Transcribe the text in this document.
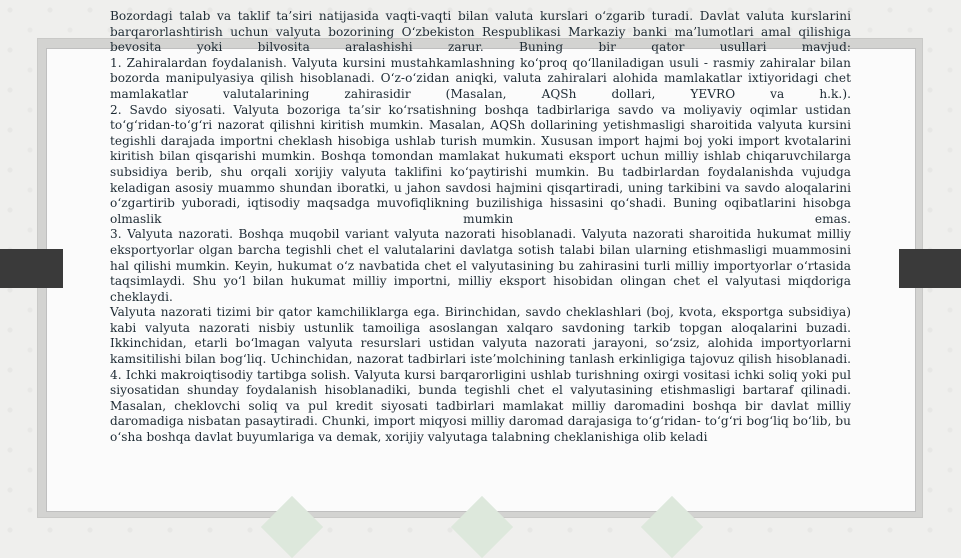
Bozordagi talab va taklif ta’siri natijasida vaqti-vaqti bilan valuta kurslari o‘zgarib turadi. Davlat valuta kurslarini barqarorlashtirish uchun valyuta bozorining O‘zbekiston Respublikasi Markaziy banki ma’lumotlari amal qilishiga bevosita yoki bilvosita aralashishi zarur. Buning bir qator usullari mavjud:

1. Zahiralardan foydalanish. Valyuta kursini mustahkamlashning ko‘proq qo‘llaniladigan usuli - rasmiy zahiralar bilan bozorda manipulyasiya qilish hisoblanadi. O‘z-o‘zidan aniqki, valuta zahiralari alohida mamlakatlar ixtiyoridagi chet mamlakatlar valutalarining zahirasidir (Masalan, AQSh dollari, YEVRO va h.k.).

2. Savdo siyosati. Valyuta bozoriga ta’sir ko‘rsatishning boshqa tadbirlariga savdo va moliyaviy oqimlar ustidan to‘g‘ridan-to‘g‘ri nazorat qilishni kiritish mumkin. Masalan, AQSh dollarining yetishmasligi sharoitida valyuta kursini tegishli darajada importni cheklash hisobiga ushlab turish mumkin. Xususan import hajmi boj yoki import kvotalarini kiritish bilan qisqarishi mumkin. Boshqa tomondan mamlakat hukumati eksport uchun milliy ishlab chiqaruvchilarga subsidiya berib, shu orqali xorijiy valyuta taklifini ko‘paytirishi mumkin. Bu tadbirlardan foydalanishda vujudga keladigan asosiy muammo shundan iboratki, u jahon savdosi hajmini qisqartiradi, uning tarkibini va savdo aloqalarini o‘zgartirib yuboradi, iqtisodiy maqsadga muvofiqlikning buzilishiga hissasini qo‘shadi. Buning oqibatlarini hisobga olmaslik mumkin emas.

3. Valyuta nazorati. Boshqa muqobil variant valyuta nazorati hisoblanadi. Valyuta nazorati sharoitida hukumat milliy eksportyorlar olgan barcha tegishli chet el valutalarini davlatga sotish talabi bilan ularning etishmasligi muammosini hal qilishi mumkin. Keyin, hukumat o‘z navbatida chet el valyutasining bu zahirasini turli milliy importyorlar o‘rtasida taqsimlaydi. Shu yo‘l bilan hukumat milliy importni, milliy eksport hisobidan olingan chet el valyutasi miqdoriga cheklaydi.

Valyuta nazorati tizimi bir qator kamchiliklarga ega. Birinchidan, savdo cheklashlari (boj, kvota, eksportga subsidiya) kabi valyuta nazorati nisbiy ustunlik tamoiliga asoslangan xalqaro savdoning tarkib topgan aloqalarini buzadi. Ikkinchidan, etarli bo‘lmagan valyuta resurslari ustidan valyuta nazorati jarayoni, so‘zsiz, alohida importyorlarni kamsitilishi bilan bog‘liq. Uchinchidan, nazorat tadbirlari iste’molchining tanlash erkinligiga tajovuz qilish hisoblanadi.

4. Ichki makroiqtisodiy tartibga solish. Valyuta kursi barqarorligini ushlab turishning oxirgi vositasi ichki soliq yoki pul siyosatidan shunday foydalanish hisoblanadiki, bunda tegishli chet el valyutasining etishmasligi bartaraf qilinadi. Masalan, cheklovchi soliq va pul kredit siyosati tadbirlari mamlakat milliy daromadini boshqa bir davlat milliy daromadiga nisbatan pasaytiradi. Chunki, import miqyosi milliy daromad darajasiga to‘g‘ridan- to‘g‘ri bog‘liq bo‘lib, bu o‘sha boshqa davlat buyumlariga va demak, xorijiy valyutaga talabning cheklanishiga olib keladi
